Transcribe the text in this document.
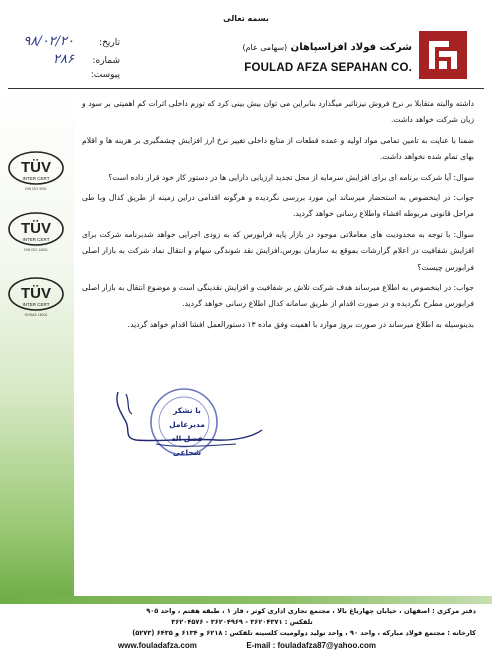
بسمه تعالی
تاریخ:
۹۸/۰۲/۲۰
شماره:
۲۸۶
پیوست:
شرکت فولاد افزاسپاهان (سهامی عام)
FOULAD AFZA SEPAHAN CO.
TÜV
INTER CERT
DIN ISO 9001
TÜV
INTER CERT
DIN ISO 14001
TÜV
INTER CERT
OHSAS 18001

داشته والبته متقابلا بر نرخ فروش نیزتاثیر میگذارد بنابراین می توان بیش بینی کرد که تورم داخلی اثرات کم اهمیتی بر سود و زیان شرکت خواهد داشت.

ضمنا با عنایت به تامین تمامی مواد اولیه و عمده قطعات از منابع داخلی تغییر نرخ ارز افزایش چشمگیری بر هزینه ها و اقلام بهای تمام شده نخواهد داشت.

سوال: آیا شرکت برنامه ای برای افزایش سرمایه از محل تجدید ارزیابی دارایی ها در دستور کار خود قرار داده است؟

جواب: در اینخصوص به استحضار میرساند این مورد بررسی نگردیده و هرگونه اقدامی دراین زمینه از طریق کدال وبا طی مراحل قانونی مربوطه افشاء واطلاع رسانی خواهد گردید.

سوال: با توجه به محدودیت های معاملاتی موجود در بازار پایه فرابورس که به زودی اجرایی خواهد شدبرنامه شرکت برای افزایش شفافیت در اعلام گزارشات بموقع به سازمان بورس،افزایش نقد شوندگی سهام و انتقال نماد شرکت به بازار اصلی فرابورس چیست؟

جواب: در اینخصوص به اطلاع میرساند هدف شرکت تلاش بر شفافیت و افزایش نقدینگی است و موضوع انتقال به بازار اصلی فرابورس مطرح نگردیده و در صورت اقدام از طریق سامانه کدال اطلاع رسانی خواهد گردید.

بدینوسیله به اطلاع میرساند در صورت بروز موارد با اهمیت وفق ماده ۱۳ دستورالعمل افشا اقدام خواهد گردید.

با تشکر
مدیرعامل
فضل اله شجاعی
دفتر مرکزی : اصفهان ، خیابان چهارباغ بالا ، مجتمع تجاری اداری کوثر ، فاز ۱ ، طبقه هفتم ، واحد ۹۰۵
تلفکس : ۳۶۲۰۴۳۷۱ - ۳۶۲۰۴۹۶۹ - ۳۶۲۰۴۵۷۶
کارخانه : مجتمع فولاد مبارکه ، واحد ۹۰ ، واحد تولید دولومیت کلسینه تلفکس : ۶۲۱۸ و ۶۱۳۴ و ۶۴۳۵ (۵۲۷۳)
www.fouladafza.com	E-mail : fouladafza87@yahoo.com
